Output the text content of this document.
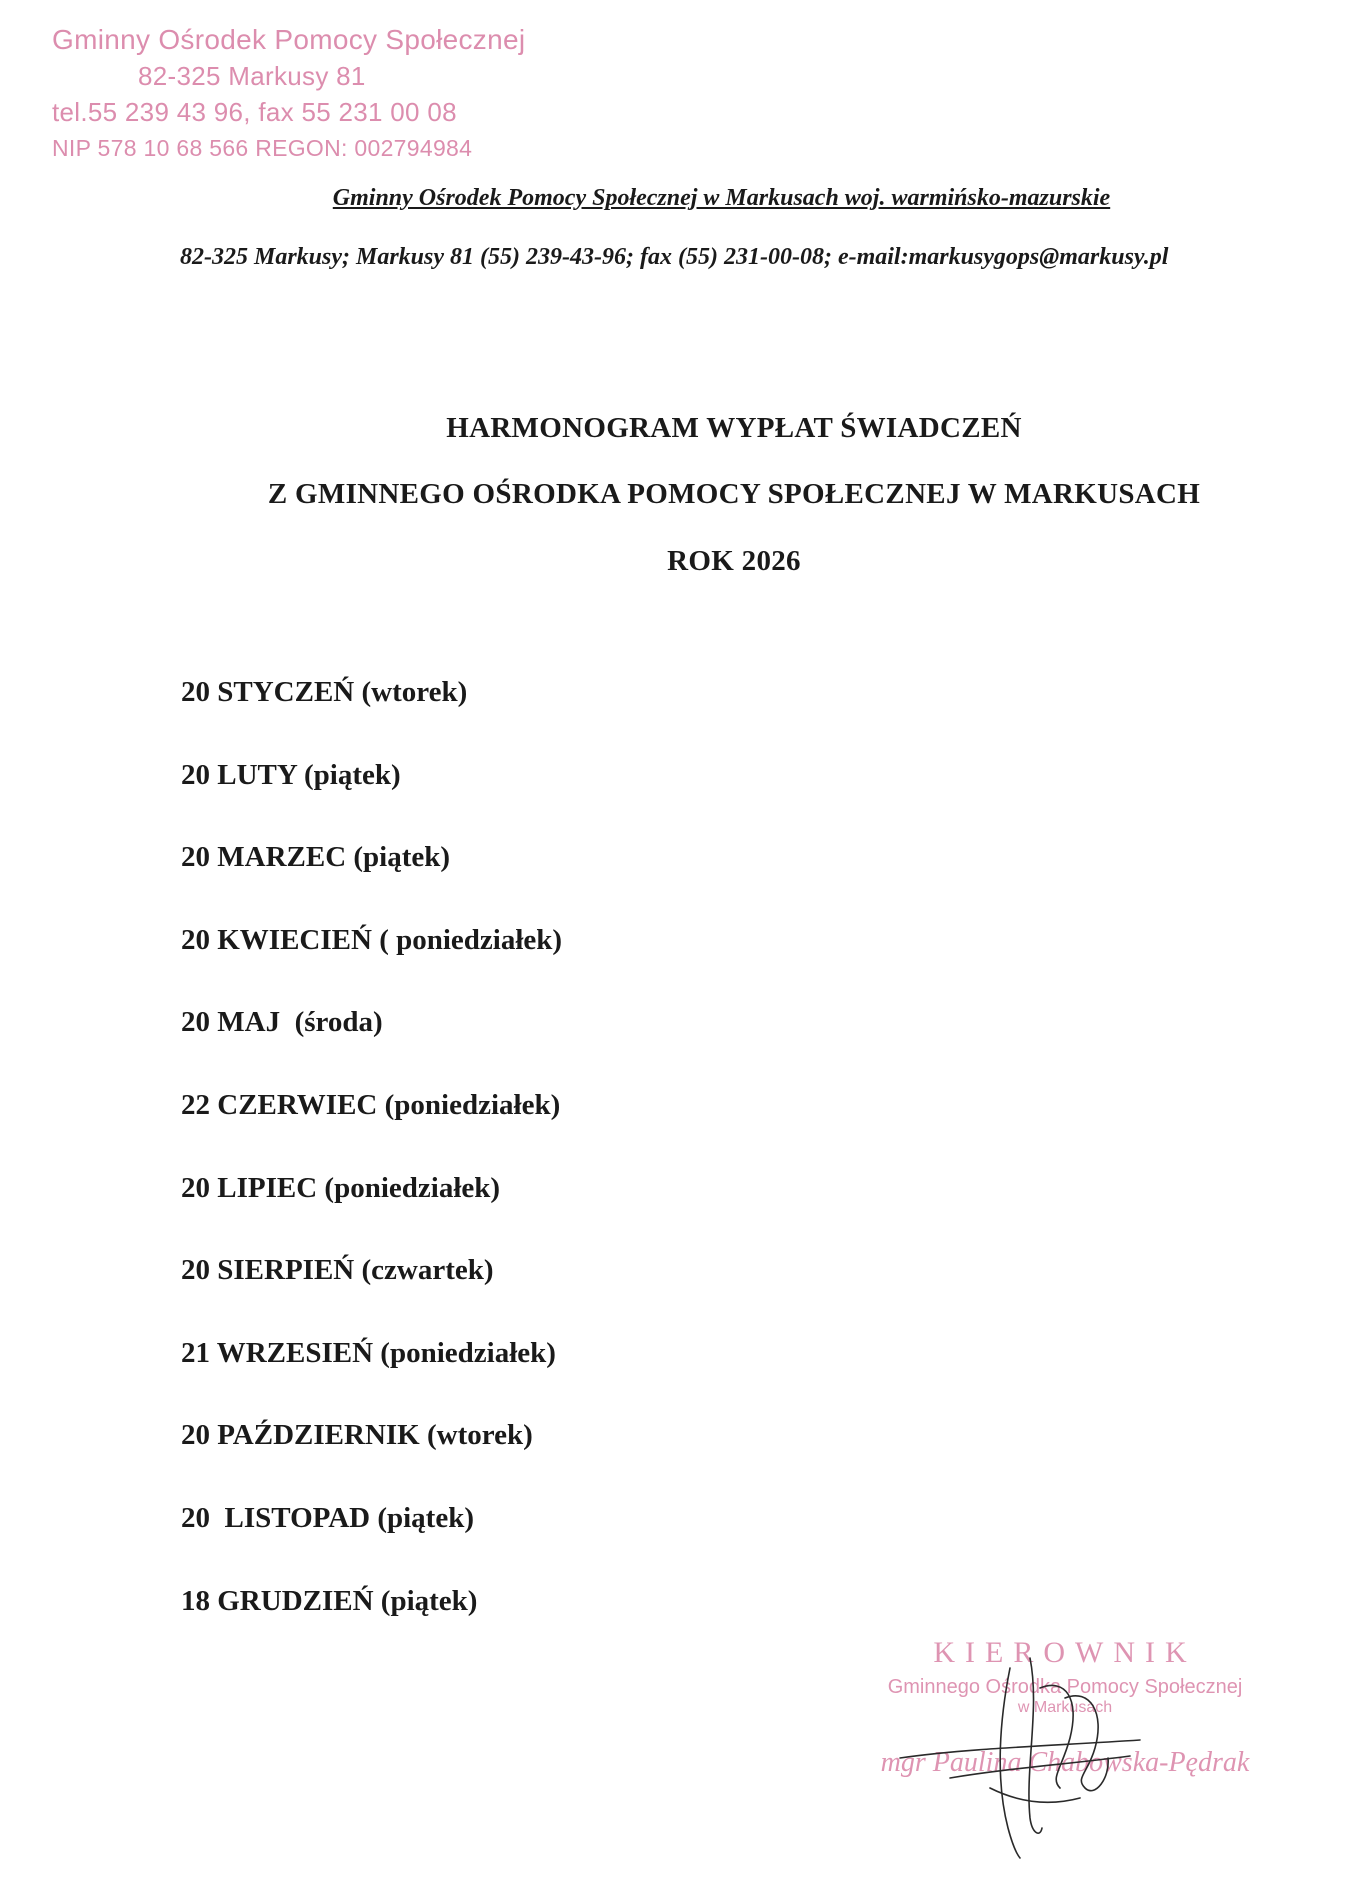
Gminny Ośrodek Pomocy Społecznej
82-325 Markusy 81
tel.55 239 43 96, fax 55 231 00 08
NIP 578 10 68 566 REGON: 002794984
Gminny Ośrodek Pomocy Społecznej w Markusach woj. warmińsko-mazurskie
82-325 Markusy; Markusy 81 (55) 239-43-96; fax (55) 231-00-08; e-mail:markusygops@markusy.pl
HARMONOGRAM WYPŁAT ŚWIADCZEŃ
Z GMINNEGO OŚRODKA POMOCY SPOŁECZNEJ W MARKUSACH
ROK 2026
20 STYCZEŃ (wtorek)
20 LUTY (piątek)
20 MARZEC (piątek)
20 KWIECIEŃ ( poniedziałek)
20 MAJ  (środa)
22 CZERWIEC (poniedziałek)
20 LIPIEC (poniedziałek)
20 SIERPIEŃ (czwartek)
21 WRZESIEŃ (poniedziałek)
20 PAŹDZIERNIK (wtorek)
20  LISTOPAD (piątek)
18 GRUDZIEŃ (piątek)
KIEROWNIK
Gminnego Ośrodka Pomocy Społecznej
w Markusach
mgr Paulina Chabowska-Pędrak
